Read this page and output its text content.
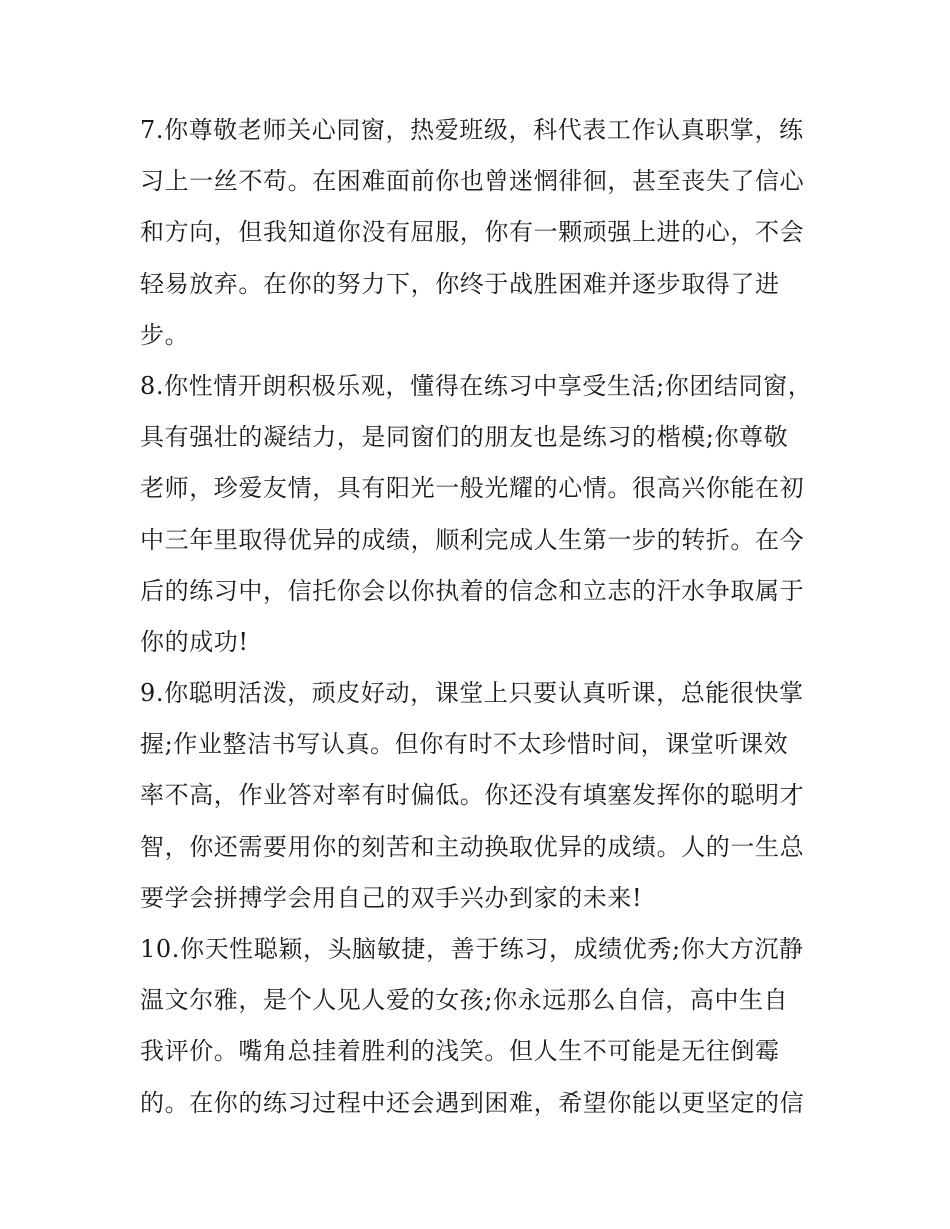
7.你尊敬老师关心同窗，热爱班级，科代表工作认真职掌，练
习上一丝不苟。在困难面前你也曾迷惘徘徊，甚至丧失了信心
和方向，但我知道你没有屈服，你有一颗顽强上进的心，不会
轻易放弃。在你的努力下，你终于战胜困难并逐步取得了进
步。

8.你性情开朗积极乐观，懂得在练习中享受生活;你团结同窗，
具有强壮的凝结力，是同窗们的朋友也是练习的楷模;你尊敬
老师，珍爱友情，具有阳光一般光耀的心情。很高兴你能在初
中三年里取得优异的成绩，顺利完成人生第一步的转折。在今
后的练习中，信托你会以你执着的信念和立志的汗水争取属于
你的成功!

9.你聪明活泼，顽皮好动，课堂上只要认真听课，总能很快掌
握;作业整洁书写认真。但你有时不太珍惜时间，课堂听课效
率不高，作业答对率有时偏低。你还没有填塞发挥你的聪明才
智，你还需要用你的刻苦和主动换取优异的成绩。人的一生总
要学会拼搏学会用自己的双手兴办到家的未来!

10.你天性聪颖，头脑敏捷，善于练习，成绩优秀;你大方沉静
温文尔雅，是个人见人爱的女孩;你永远那么自信，高中生自
我评价。嘴角总挂着胜利的浅笑。但人生不可能是无往倒霉
的。在你的练习过程中还会遇到困难，希望你能以更坚定的信
